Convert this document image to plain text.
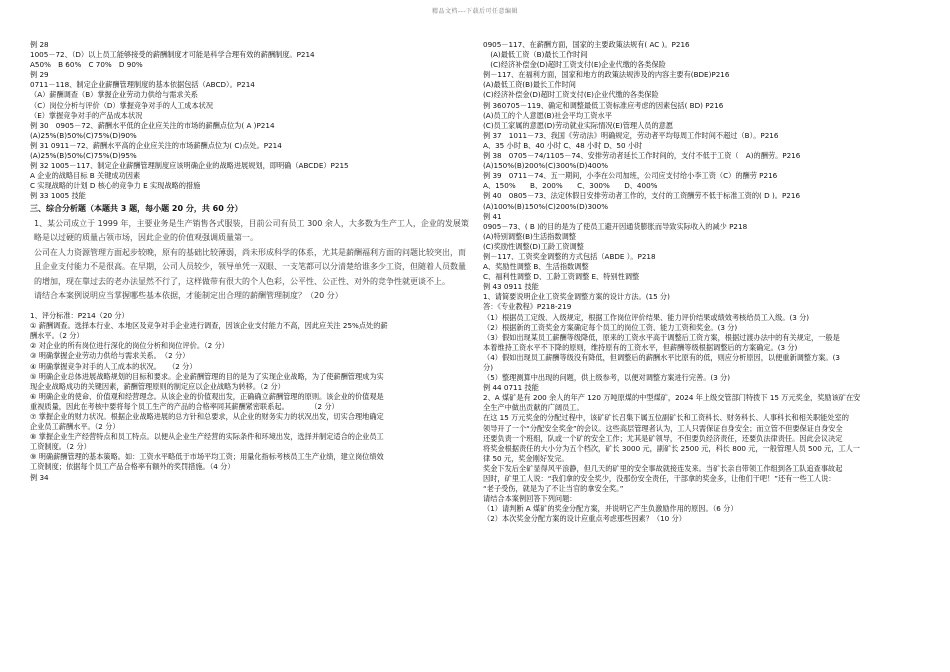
精品文档---下载后可任意编辑
例 28
1005－72、（D）以上员工能够接受的薪酬制度才可能是科学合理有效的薪酬制度。P214
A50%　B 60%　C 70%　D 90%
例 29
0711－118、制定企业薪酬管理制度的基本依据包括（ABCD）。P214
（A）薪酬调查（B）掌握企业劳动力供给与需求关系
（C）岗位分析与评价（D）掌握竞争对手的人工成本状况
（E）掌握竞争对手的产品成本状况
例 30　0905－72、薪酬水平低的企业应关注的市场的薪酬点位为( A )P214
(A)25%(B)50%(C)75%(D)90%
例 31 0911－72、薪酬水平高的企业应关注的市场薪酬点位为( C)点处。P214
(A)25%(B)50%(C)75%(D)95%
例 32 1005－117、制定企业薪酬管理制度应该明确企业的战略进展规划，即明确（ABCDE）P215
A 企业的战略目标 B 关键成功因素
C 实现战略的计划 D 核心的竞争力 E 实现战略的措施
例 33 1005 技能
三、综合分析题（本题共 3 题，每小题 20 分，共 60 分）

1、某公司成立于 1999 年，主要业务是生产销售各式服装，目前公司有员工 300 余人，大多数为生产工人，企业的发展策略是以过硬的质量占领市场，因此企业的价值观强调质量第一。

公司在人力资源管理方面起步较晚，原有的基础比较薄弱，尚未形成科学的体系，尤其是薪酬福利方面的问题比较突出，而且企业支付能力不是很高。在早期，公司人员较少，领导单凭一双眼、一支笔都可以分清楚给谁多少工资，但随着人员数量的增加，现在靠过去的老办法显然不行了，这样做带有很大的个人色彩，公平性、公正性、对外的竞争性就更谈不上。

请结合本案例说明应当掌握哪些基本依据，才能制定出合理的薪酬管理制度？（20 分）

1、评分标准：P214（20 分）
① 薪酬调查。选择本行业、本地区及竞争对手企业进行调查，因该企业支付能力不高，因此应关注 25%点处的薪
酬水平。（2 分）
② 对企业的所有岗位进行深化的岗位分析和岗位评价。（2 分）
③ 明确掌握企业劳动力供给与需求关系。　（2 分）
④ 明确掌握竞争对手的人工成本的状况。　　（2 分）
⑤ 明确企业总体进展战略规划的目标和要求。企业薪酬管理的目的是为了实现企业战略，为了使薪酬管理成为实
现企业战略成功的关键因素，薪酬管理原则的制定应以企业战略为转移。（2 分）
⑥ 明确企业的使命、价值观和经营理念。从该企业的价值观出发，正确确立薪酬管理的原则。该企业的价值观是
重视质量，因此在考核中要将每个员工生产的产品的合格率同其薪酬紧密联系起。　　　　（2 分）
⑦ 掌握企业的财力状况。根据企业战略进展的总方针和总要求，从企业的财务实力的状况出发，切实合理地确定
企业员工薪酬水平。（2 分）
⑧ 掌握企业生产经营特点和员工特点。以便从企业生产经营的实际条件和环境出发，选择并制定适合的企业员工
工资制度。（2 分）
⑨ 明确薪酬管理的基本策略。如：工资水平略低于市场平均工资；用量化指标考核员工生产业绩，建立岗位绩效
工资制度；依据每个员工产品合格率有额外的奖罚措施。（4 分）
例 34
0905－117、在薪酬方面，国家的主要政策法规有( AC )。P216
　(A)最低工资（B)最长工作时间
　(C)经济补偿金(D)超时工资支付(E)企业代缴的各类保险
例－117、在福利方面，国家和地方的政策法规涉及的内容主要有(BDE)P216
(A)最低工资(B)最长工作时间
(C)经济补偿金(D)超时工资支付(E)企业代缴的各类保险
例 360705－119、确定和调整最低工资标准应考虑的因素包括( BD) P216
(A)员工的个人意愿(B)社会平均工资水平
(C)员工家属的意愿(D)劳动就业实际情况(E)管理人员的意愿
例 37　1011－73、我国《劳动法》明确规定，劳动者平均每周工作时间不超过（B）。P216
A、35 小时 B、40 小时 C、48 小时 D、50 小时
例 38　0705－74/1105－74、安排劳动者延长工作时间的，支付不低于工资（　A)的酬劳。P216
(A)150%(B)200%(C)300%(D)400%
例 39　0711－74、五一期间，小李在公司加班，公司应支付给小李工资（C）的酬劳 P216
A、150%　　B、200%　　C、300%　　D、400%
例 40　0805－73、法定休假日安排劳动者工作的，支付的工资酬劳不低于标准工资的( D )。P216
(A)100%(B)150%(C)200%(D)300%
例 41
0905－73、( B )的目的是为了使员工避开因通货膨胀而导致实际收入的减少 P218
(A)特别调整(B)生活指数调整
(C)奖励性调整(D)工龄工资调整
例－117、工资奖金调整的方式包括（ABDE ）。P218
A、奖励性调整 B、生活指数调整
C、福利性调整 D、工龄工资调整 E、特别性调整
例 43 0911 技能
1、请简要说明企业工资奖金调整方案的设计方法。(15 分)
答：《专业教程》P218-219
（1）根据员工定级、入级规定，根据工作岗位评价结果、能力评价结果或绩效考核给员工入级。(3 分)
（2）根据新的工资奖金方案确定每个员工的岗位工资、能力工资和奖金。(3 分)
（3）假如出现某员工薪酬等级降低，原来的工资水平高于调整后工资方案，根据过渡办法中的有关规定，一般是
本着维持工资水平不下降的原则，维持原有的工资水平，但薪酬等级根据调整后的方案确定。(3 分)
（4）假如出现员工薪酬等级没有降低，但调整后的薪酬水平比原有的低，则应分析原因，以便重新调整方案。(3
分)
（5）整理测算中出现的问题，供上级参考，以便对调整方案进行完善。(3 分)
例 44 0711 技能
2、A 煤矿是有 200 余人的年产 120 万吨原煤的中型煤矿，2024 年上级交管部门特拨下 15 万元奖金，奖励该矿在安
全生产中做出贡献的广阔员工。
在这 15 万元奖金的分配过程中，该矿矿长召集下属五位副矿长和工资科长、财务科长、人事科长和相关职能处室的
领导开了一个“分配安全奖金”的会议。这些高层管理者认为，工人只需保证自身安全；而立管不但要保证自身安全
还要负责一个班组，队或一个矿的安全工作；尤其是矿领导，不但要负经济责任，还要负法律责任。因此会议决定
将奖金根据责任的大小分为五个档次，矿长 3000 元，副矿长 2500 元，科长 800 元，一般管理人员 500 元，工人一
律 50 元，奖金刚好发完。
奖金下发后全矿显得风平浪静，但几天的矿里的安全事故就接连发来。当矿长亲自带领工作组到各工队追查事故起
因时，矿里工人说：“我们拿的安全奖少，没那份安全责任，干部拿的奖金多，让他们干吧！”还有一些工人说：
“老子受伤，就是为了不让当官的拿安全奖。”
请结合本案例回答下列问题：
（1）请判断 A 煤矿的奖金分配方案，并说明它产生负激励作用的原因。（6 分）
（2）本次奖金分配方案的设计应重点考虑那些因素？（10 分）
